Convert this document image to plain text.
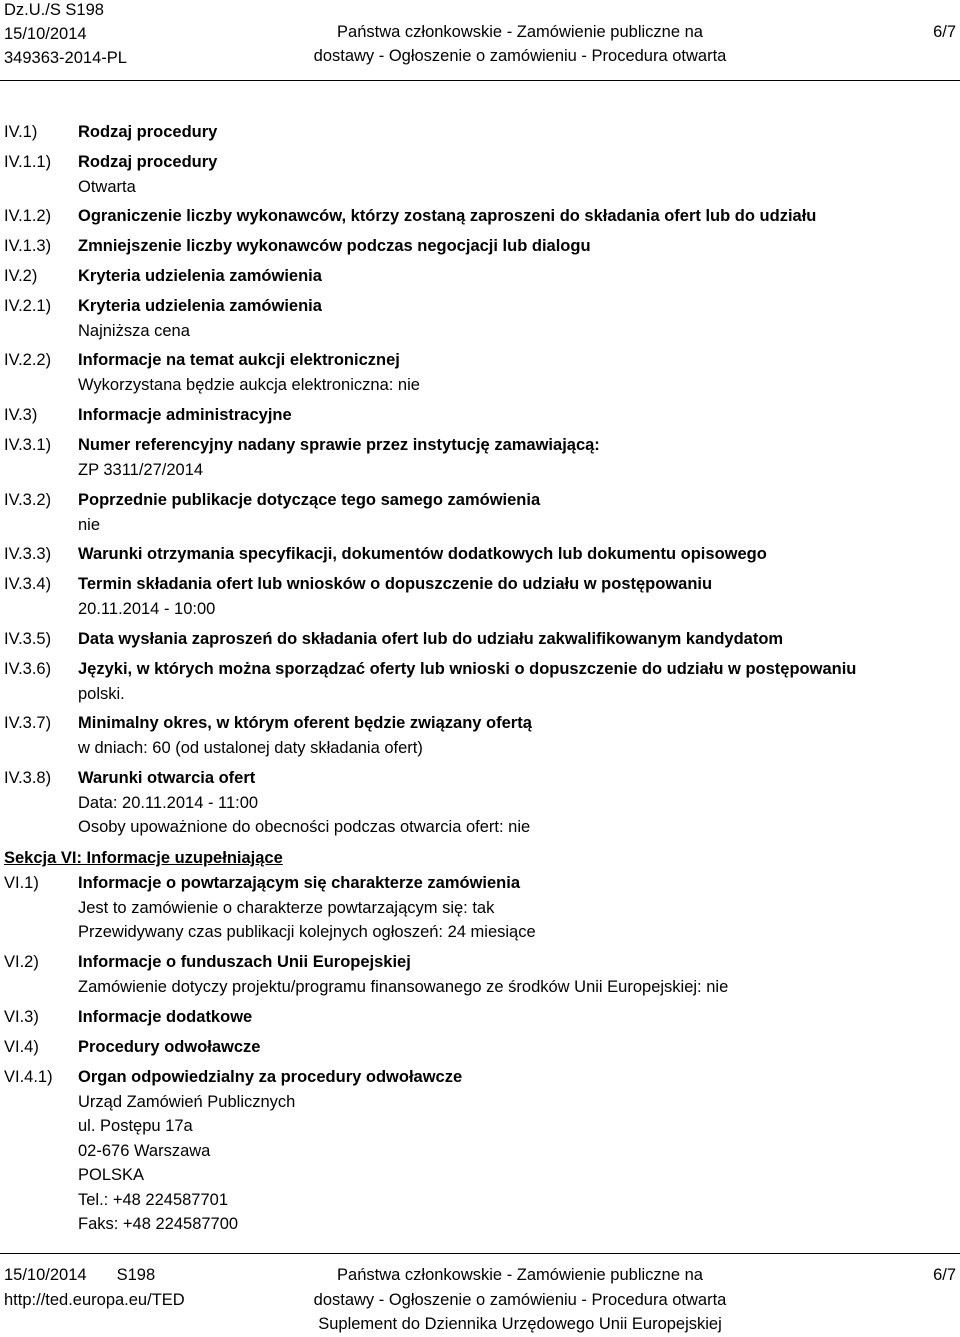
Dz.U./S S198
15/10/2014
349363-2014-PL
Państwa członkowskie - Zamówienie publiczne na
dostawy - Ogłoszenie o zamówieniu - Procedura otwarta
6/7
IV.1) Rodzaj procedury
IV.1.1) Rodzaj procedury
Otwarta
IV.1.2) Ograniczenie liczby wykonawców, którzy zostaną zaproszeni do składania ofert lub do udziału
IV.1.3) Zmniejszenie liczby wykonawców podczas negocjacji lub dialogu
IV.2) Kryteria udzielenia zamówienia
IV.2.1) Kryteria udzielenia zamówienia
Najniższa cena
IV.2.2) Informacje na temat aukcji elektronicznej
Wykorzystana będzie aukcja elektroniczna: nie
IV.3) Informacje administracyjne
IV.3.1) Numer referencyjny nadany sprawie przez instytucję zamawiającą:
ZP 3311/27/2014
IV.3.2) Poprzednie publikacje dotyczące tego samego zamówienia
nie
IV.3.3) Warunki otrzymania specyfikacji, dokumentów dodatkowych lub dokumentu opisowego
IV.3.4) Termin składania ofert lub wniosków o dopuszczenie do udziału w postępowaniu
20.11.2014 - 10:00
IV.3.5) Data wysłania zaproszeń do składania ofert lub do udziału zakwalifikowanym kandydatom
IV.3.6) Języki, w których można sporządzać oferty lub wnioski o dopuszczenie do udziału w postępowaniu
polski.
IV.3.7) Minimalny okres, w którym oferent będzie związany ofertą
w dniach: 60 (od ustalonej daty składania ofert)
IV.3.8) Warunki otwarcia ofert
Data: 20.11.2014 - 11:00
Osoby upoważnione do obecności podczas otwarcia ofert: nie
Sekcja VI: Informacje uzupełniające
VI.1) Informacje o powtarzającym się charakterze zamówienia
Jest to zamówienie o charakterze powtarzającym się: tak
Przewidywany czas publikacji kolejnych ogłoszeń: 24 miesiące
VI.2) Informacje o funduszach Unii Europejskiej
Zamówienie dotyczy projektu/programu finansowanego ze środków Unii Europejskiej: nie
VI.3) Informacje dodatkowe
VI.4) Procedury odwoławcze
VI.4.1) Organ odpowiedzialny za procedury odwoławcze
Urząd Zamówień Publicznych
ul. Postępu 17a
02-676 Warszawa
POLSKA
Tel.: +48 224587701
Faks: +48 224587700
15/10/2014 S198
http://ted.europa.eu/TED
Państwa członkowskie - Zamówienie publiczne na
dostawy - Ogłoszenie o zamówieniu - Procedura otwarta
Suplement do Dziennika Urzędowego Unii Europejskiej
6/7
